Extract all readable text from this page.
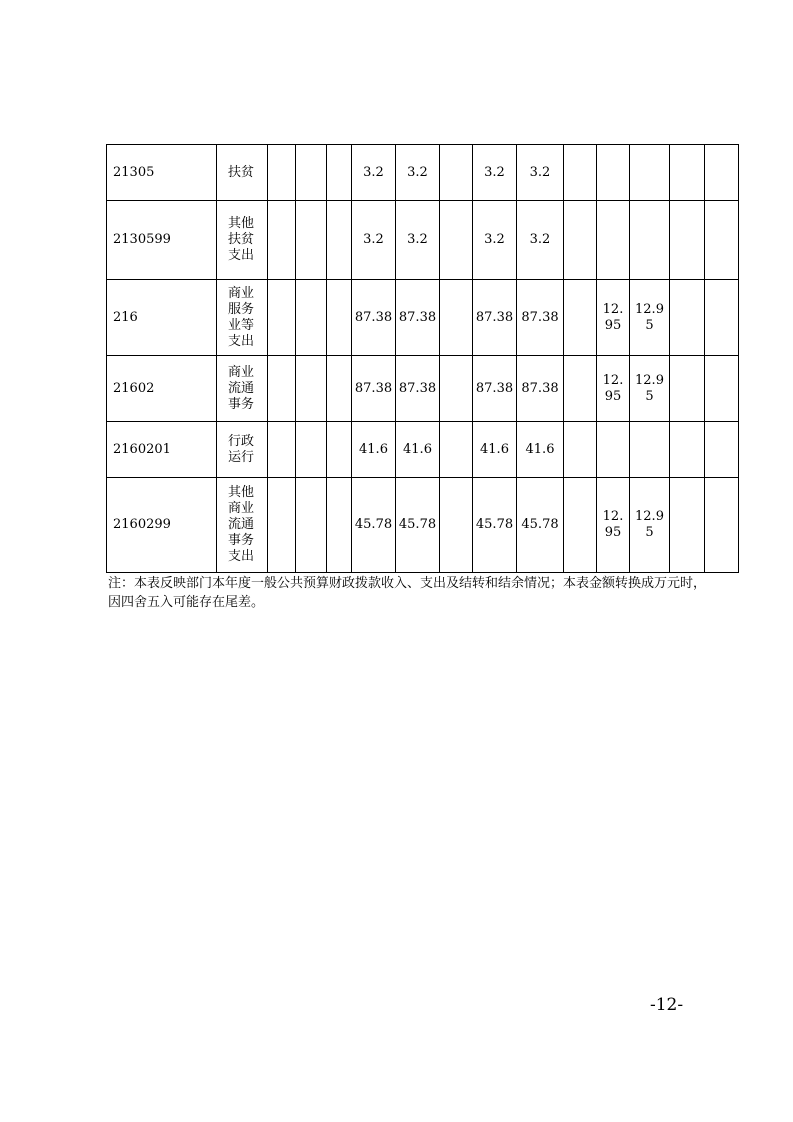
21305	扶贫				3.2	3.2		3.2	3.2					
2130599	其他扶贫支出				3.2	3.2		3.2	3.2					
216	商业服务业等支出				87.38	87.38		87.38	87.38		12.95	12.95		
21602	商业流通事务				87.38	87.38		87.38	87.38		12.95	12.95		
2160201	行政运行				41.6	41.6		41.6	41.6					
2160299	其他商业流通事务支出				45.78	45.78		45.78	45.78		12.95	12.95		

注：本表反映部门本年度一般公共预算财政拨款收入、支出及结转和结余情况；本表金额转换成万元时，因四舍五入可能存在尾差。

-12-
